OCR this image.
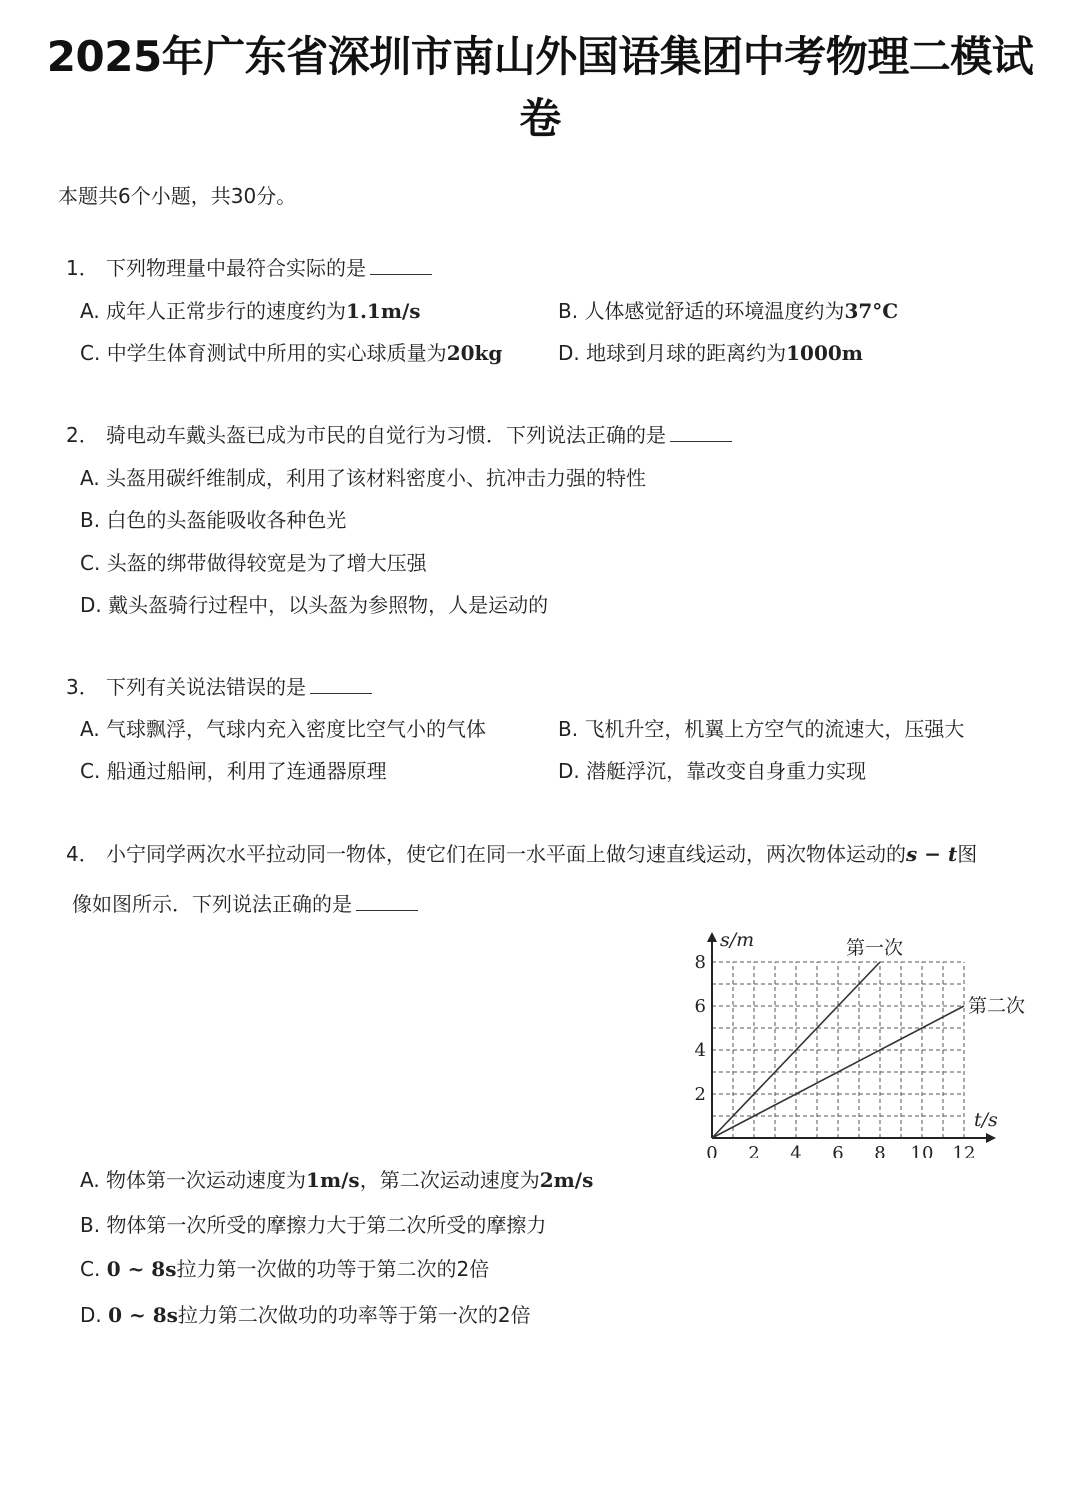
2025年广东省深圳市南山外国语集团中考物理二模试卷
本题共6个小题，共30分。
1． 下列物理量中最符合实际的是
A. 成年人正常步行的速度约为1.1m/s	B. 人体感觉舒适的环境温度约为37°C
C. 中学生体育测试中所用的实心球质量为20kg	D. 地球到月球的距离约为1000m
2． 骑电动车戴头盔已成为市民的自觉行为习惯．下列说法正确的是
A. 头盔用碳纤维制成，利用了该材料密度小、抗冲击力强的特性
B. 白色的头盔能吸收各种色光
C. 头盔的绑带做得较宽是为了增大压强
D. 戴头盔骑行过程中，以头盔为参照物，人是运动的
3． 下列有关说法错误的是
A. 气球飘浮，气球内充入密度比空气小的气体	B. 飞机升空，机翼上方空气的流速大，压强大
C. 船通过船闸，利用了连通器原理	D. 潜艇浮沉，靠改变自身重力实现
4． 小宁同学两次水平拉动同一物体，使它们在同一水平面上做匀速直线运动，两次物体运动的s − t图
像如图所示．下列说法正确的是
0 2 4 6 8 10 12
2
4
6
8
s/m
t/s
第一次
第二次
A. 物体第一次运动速度为1m/s，第二次运动速度为2m/s
B. 物体第一次所受的摩擦力大于第二次所受的摩擦力
C. 0 ~ 8s拉力第一次做的功等于第二次的2倍
D. 0 ~ 8s拉力第二次做功的功率等于第一次的2倍
